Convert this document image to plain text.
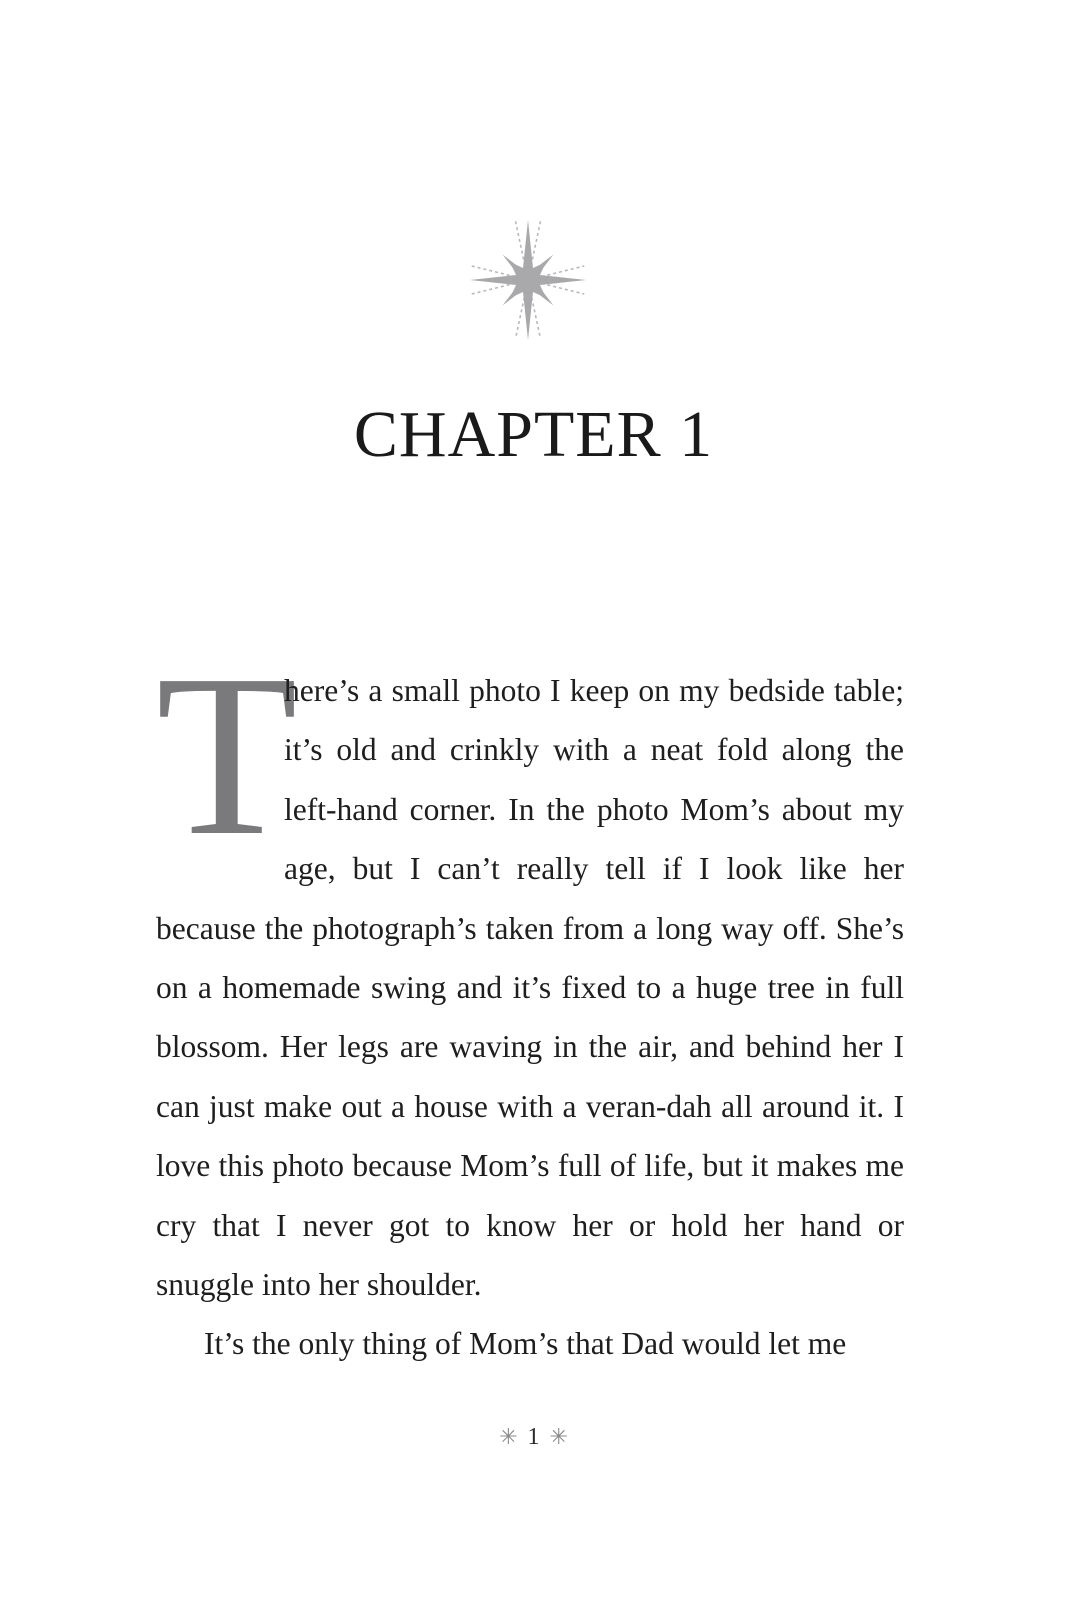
CHAPTER 1

T
here’s a small photo I keep on my bedside table; it’s old and crinkly with a neat fold along the left-hand corner. In the photo Mom’s about my age, but I can’t really tell if I look like her because the photograph’s taken from a long way off. She’s on a homemade swing and it’s fixed to a huge tree in full blossom. Her legs are waving in the air, and behind her I can just make out a house with a veran-dah all around it. I love this photo because Mom’s full of life, but it makes me cry that I never got to know her or hold her hand or snuggle into her shoulder.

It’s the only thing of Mom’s that Dad would let me

✳ 1 ✳
